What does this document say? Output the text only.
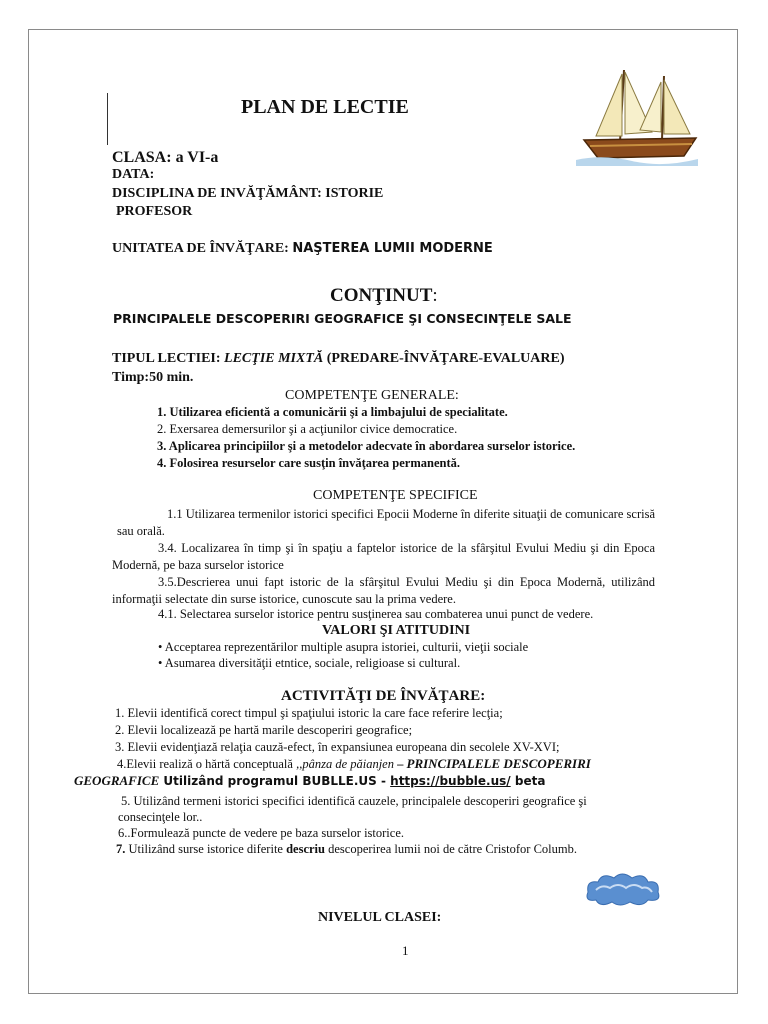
PLAN DE LECTIE
CLASA: a VI-a
DATA:
DISCIPLINA DE INVĂŢĂMÂNT: ISTORIE
PROFESOR
UNITATEA DE ÎNVĂŢARE: NAŞTEREA LUMII MODERNE
CONŢINUT:
PRINCIPALELE DESCOPERIRI GEOGRAFICE ŞI CONSECINŢELE SALE
TIPUL LECTIEI: LECŢIE MIXTĂ (PREDARE-ÎNVĂŢARE-EVALUARE)
Timp:50 min.
COMPETENŢE GENERALE:
1. Utilizarea eficientă a comunicării şi a limbajului de specialitate.
2. Exersarea demersurilor şi a acţiunilor civice democratice.
3. Aplicarea principiilor şi a metodelor adecvate în abordarea surselor istorice.
4. Folosirea resurselor care susţin învăţarea permanentă.
COMPETENŢE SPECIFICE
1.1 Utilizarea termenilor istorici specifici Epocii Moderne în diferite situaţii de comunicare scrisă sau orală.
3.4. Localizarea în timp şi în spaţiu a faptelor istorice de la sfârşitul Evului Mediu şi din Epoca Modernă, pe baza surselor istorice
3.5.Descrierea unui fapt istoric de la sfârşitul Evului Mediu şi din Epoca Modernă, utilizând informaţii selectate din surse istorice, cunoscute sau la prima vedere.
4.1. Selectarea surselor istorice pentru susţinerea sau combaterea unui punct de vedere.
VALORI ŞI ATITUDINI
• Acceptarea reprezentărilor multiple asupra istoriei, culturii, vieţii sociale
• Asumarea diversităţii etntice, sociale, religioase si cultural.
ACTIVITĂŢI DE ÎNVĂŢARE:
1. Elevii identifică corect timpul şi spaţiului istoric la care face referire lecţia;
2. Elevii localizează pe hartă marile descoperiri geografice;
3. Elevii evidenţiază relaţia cauză-efect, în expansiunea europeana din secolele XV-XVI;
4.Elevii realiză o hărtă conceptuală ,,pânza de păianjen – PRINCIPALELE DESCOPERIRI
GEOGRAFICE Utilizând programul BUBLLE.US - https://bubble.us/ beta
5. Utilizând termeni istorici specifici identifică cauzele, principalele descoperiri geografice şi
consecinţele lor..
6..Formulează puncte de vedere pe baza surselor istorice.
7. Utilizând surse istorice diferite descriu descoperirea lumii noi de către Cristofor Columb.
NIVELUL CLASEI:
1
